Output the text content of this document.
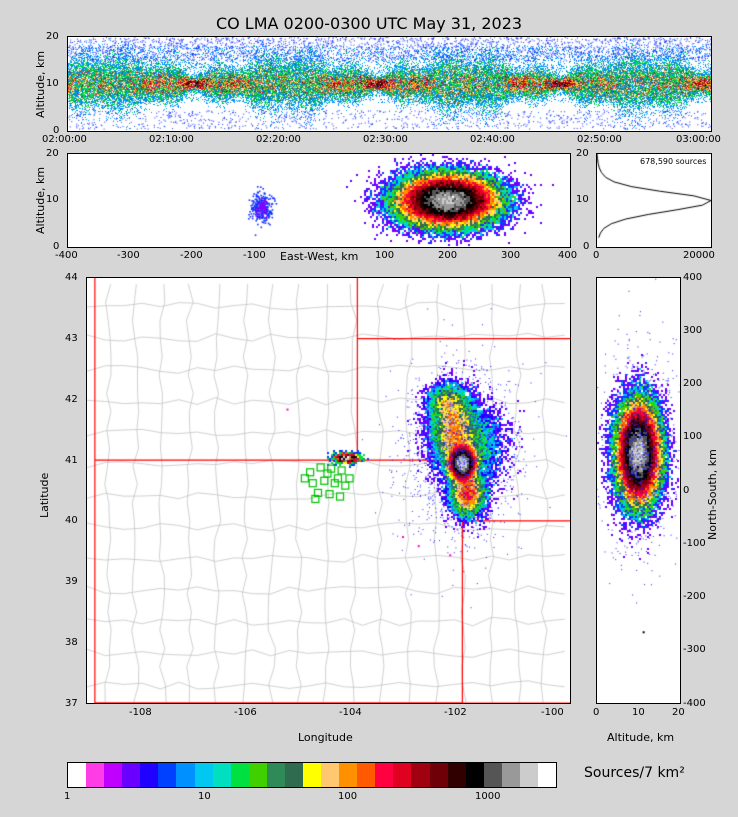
CO LMA 0200-0300 UTC May 31, 2023
Altitude, km
20
10
0
02:00:00	02:10:00	02:20:00	02:30:00	02:40:00	02:50:00	03:00:00
Altitude, km
20
10
0
-400	-300	-200	-100	100	200	300	400
East-West, km
678,590 sources
20
10
0
0	20000
Latitude
Longitude
44
43
42
41
40
39
38
37
-108	-106	-104	-102	-100
North-South, km
Altitude, km
400
300
200
100
0
-100
-200
-300
-400
0	10	20
1	10	100	1000
Sources/7 km²
